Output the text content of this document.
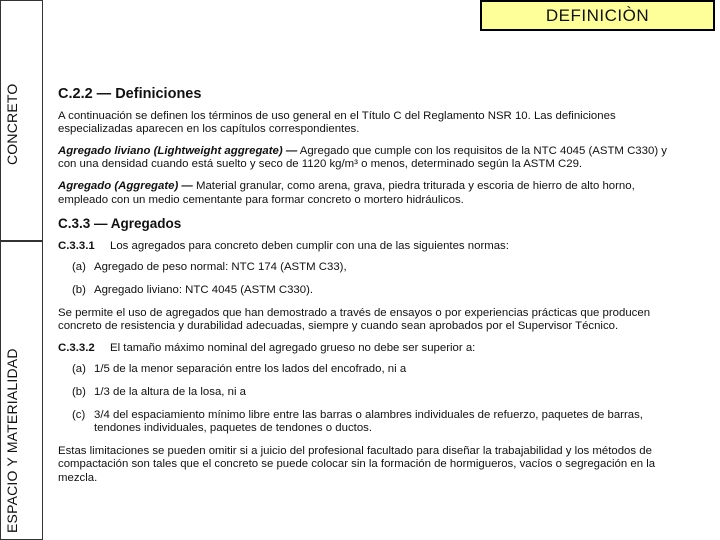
CONCRETO
ESPACIO Y MATERIALIDAD
DEFINICIÒN
C.2.2 — Definiciones
A continuación se definen los términos de uso general en el Título C del Reglamento NSR 10. Las definiciones especializadas aparecen en los capítulos correspondientes.
Agregado liviano (Lightweight aggregate) — Agregado que cumple con los requisitos de la NTC 4045 (ASTM C330) y con una densidad cuando está suelto y seco de 1120 kg/m³ o menos, determinado según la ASTM C29.
Agregado (Aggregate) — Material granular, como arena, grava, piedra triturada y escoria de hierro de alto horno, empleado con un medio cementante para formar concreto o mortero hidráulicos.
C.3.3 — Agregados
C.3.3.1	Los agregados para concreto deben cumplir con una de las siguientes normas:
(a) Agregado de peso normal: NTC 174 (ASTM C33),
(b) Agregado liviano: NTC 4045 (ASTM C330).
Se permite el uso de agregados que han demostrado a través de ensayos o por experiencias prácticas que producen concreto de resistencia y durabilidad adecuadas, siempre y cuando sean aprobados por el Supervisor Técnico.
C.3.3.2	El tamaño máximo nominal del agregado grueso no debe ser superior a:
(a) 1/5 de la menor separación entre los lados del encofrado, ni a
(b) 1/3 de la altura de la losa, ni a
(c) 3/4 del espaciamiento mínimo libre entre las barras o alambres individuales de refuerzo, paquetes de barras, tendones individuales, paquetes de tendones o ductos.
Estas limitaciones se pueden omitir si a juicio del profesional facultado para diseñar la trabajabilidad y los métodos de compactación son tales que el concreto se puede colocar sin la formación de hormigueros, vacíos o segregación en la mezcla.
